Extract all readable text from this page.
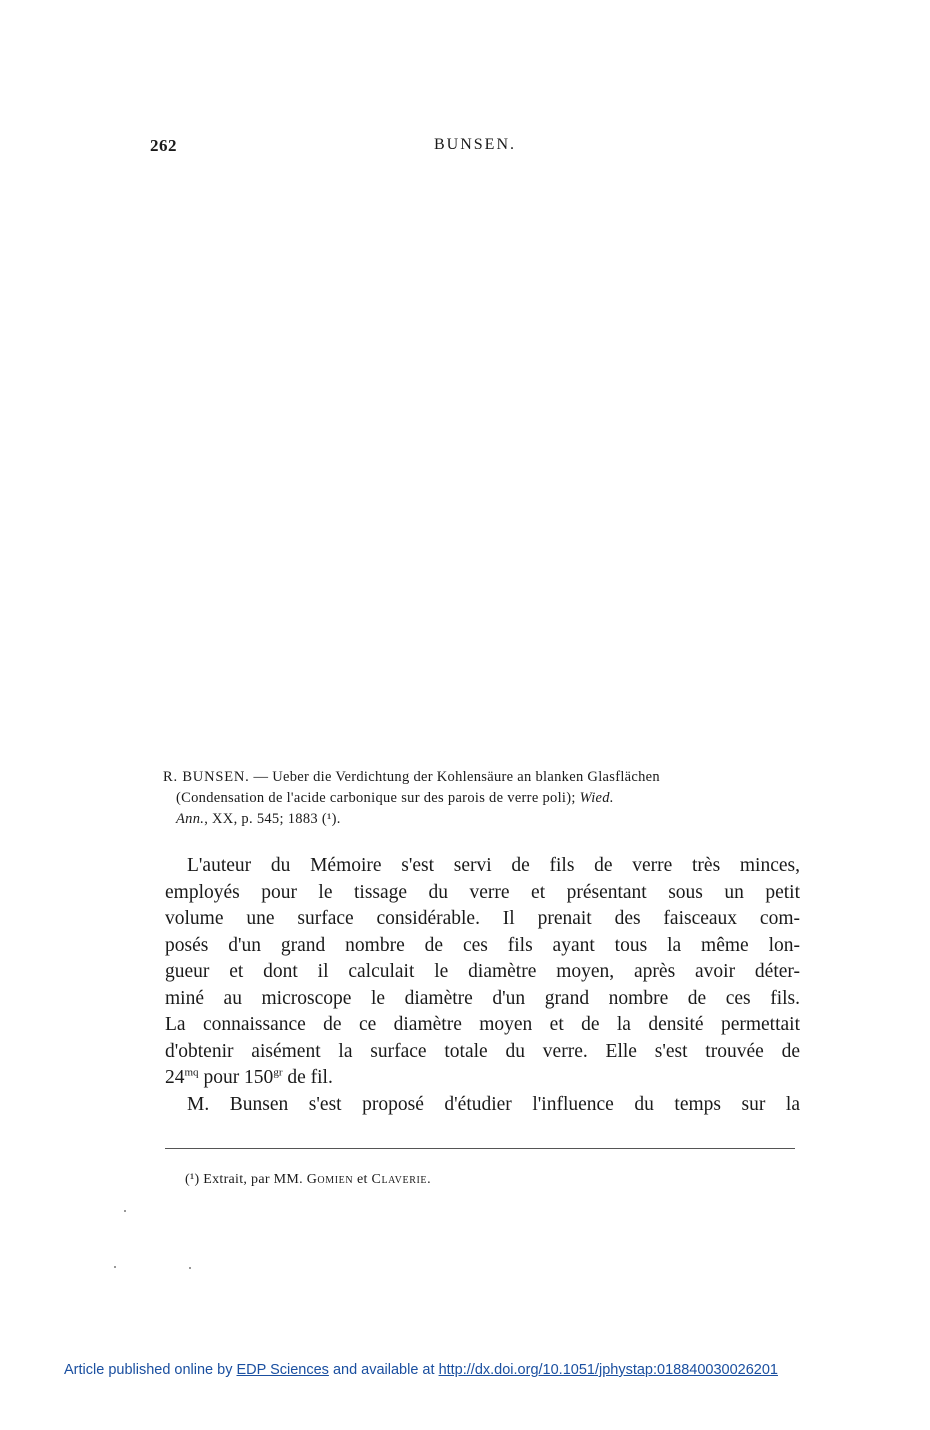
262	BUNSEN.
R. BUNSEN. — Ueber die Verdichtung der Kohlensäure an blanken Glasflächen
(Condensation de l'acide carbonique sur des parois de verre poli); Wied.
Ann., XX, p. 545; 1883 (¹).
L'auteur du Mémoire s'est servi de fils de verre très minces,
employés pour le tissage du verre et présentant sous un petit
volume une surface considérable. Il prenait des faisceaux com-
posés d'un grand nombre de ces fils ayant tous la même lon-
gueur et dont il calculait le diamètre moyen, après avoir déter-
miné au microscope le diamètre d'un grand nombre de ces fils.
La connaissance de ce diamètre moyen et de la densité permettait
d'obtenir aisément la surface totale du verre. Elle s'est trouvée de
$24^{mq}$ pour $150^{gr}$ de fil.
M. Bunsen s'est proposé d'étudier l'influence du temps sur la
(¹) Extrait, par MM. Gomien et Claverie.
Article published online by EDP Sciences and available at http://dx.doi.org/10.1051/jphystap:018840030026201
